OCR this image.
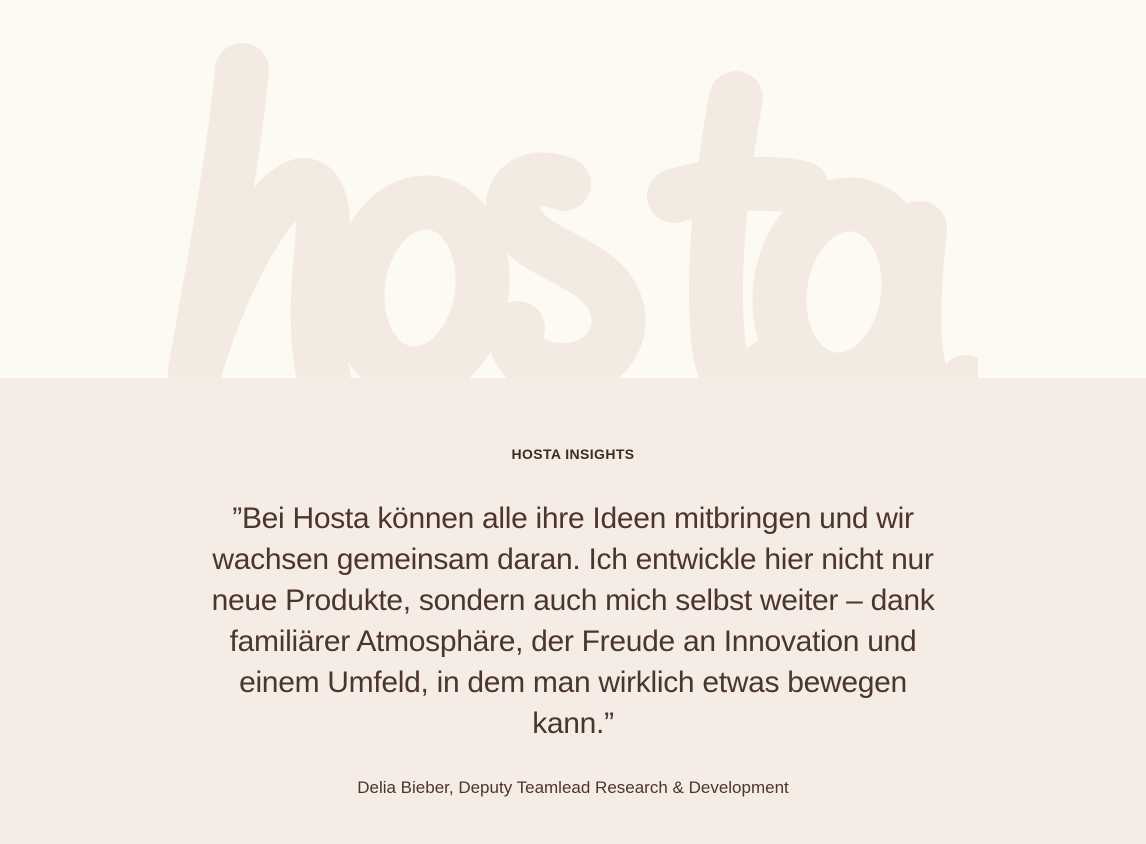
HOSTA INSIGHTS
”Bei Hosta können alle ihre Ideen mitbringen und wir
wachsen gemeinsam daran. Ich entwickle hier nicht nur
neue Produkte, sondern auch mich selbst weiter – dank
familiärer Atmosphäre, der Freude an Innovation und
einem Umfeld, in dem man wirklich etwas bewegen
kann.”
Delia Bieber, Deputy Teamlead Research & Development
